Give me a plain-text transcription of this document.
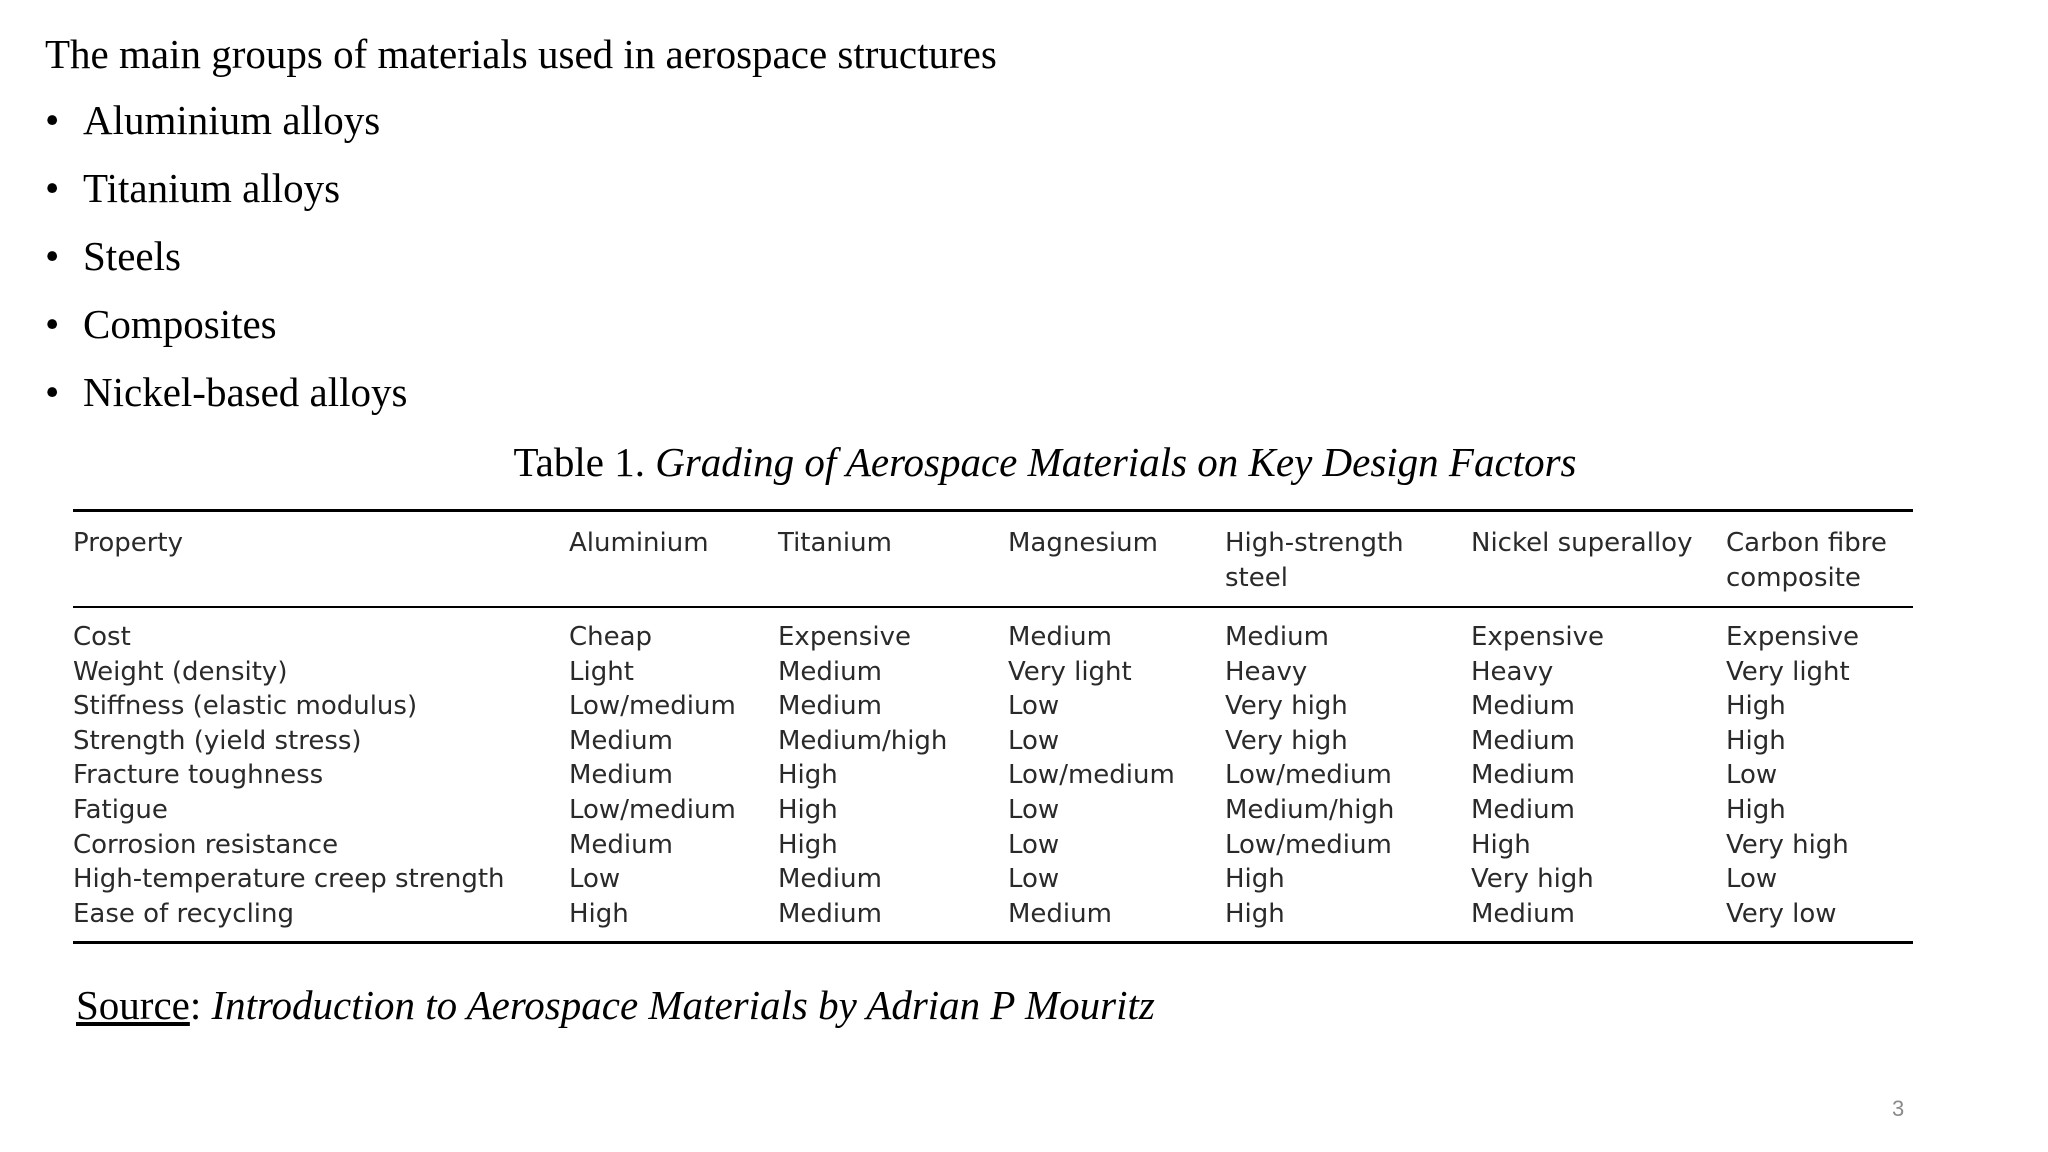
The main groups of materials used in aerospace structures

• Aluminium alloys
• Titanium alloys
• Steels
• Composites
• Nickel-based alloys

Table 1. Grading of Aerospace Materials on Key Design Factors

Property	Aluminium	Titanium	Magnesium	High-strength steel	Nickel superalloy	Carbon fibre composite
Cost	Cheap	Expensive	Medium	Medium	Expensive	Expensive
Weight (density)	Light	Medium	Very light	Heavy	Heavy	Very light
Stiffness (elastic modulus)	Low/medium	Medium	Low	Very high	Medium	High
Strength (yield stress)	Medium	Medium/high	Low	Very high	Medium	High
Fracture toughness	Medium	High	Low/medium	Low/medium	Medium	Low
Fatigue	Low/medium	High	Low	Medium/high	Medium	High
Corrosion resistance	Medium	High	Low	Low/medium	High	Very high
High-temperature creep strength	Low	Medium	Low	High	Very high	Low
Ease of recycling	High	Medium	Medium	High	Medium	Very low

Source: Introduction to Aerospace Materials by Adrian P Mouritz

3
